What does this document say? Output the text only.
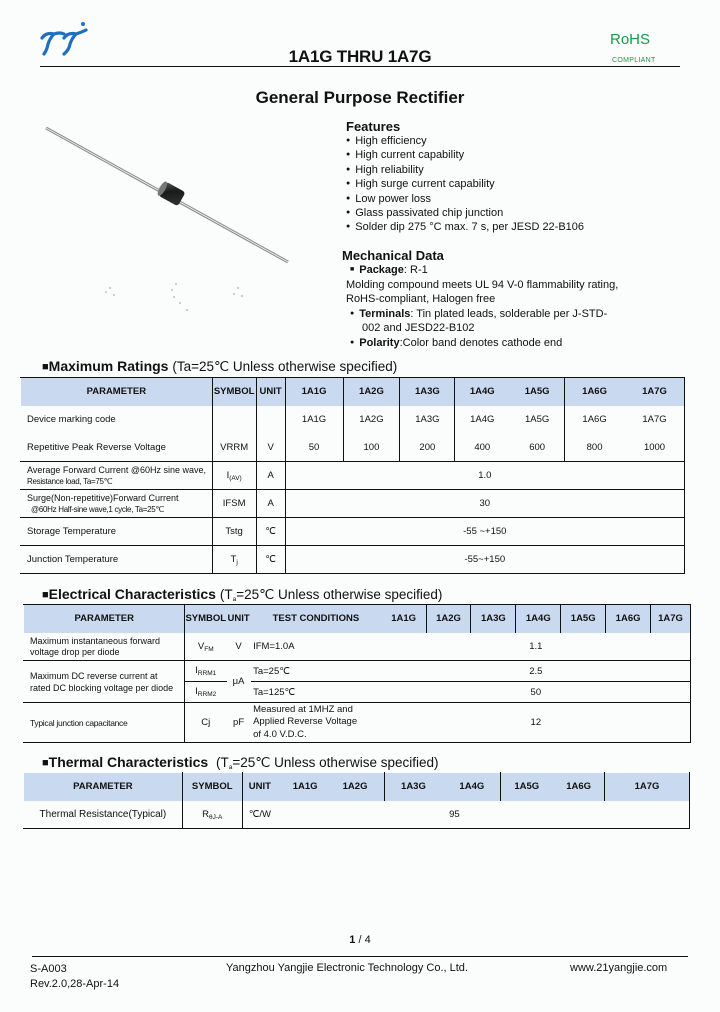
1A1G THRU 1A7G
RoHS
COMPLIANT
General Purpose Rectifier
Features
● High efficiency
● High current capability
● High reliability
● High surge current capability
● Low power loss
● Glass passivated chip junction
● Solder dip 275 °C max. 7 s, per JESD 22-B106
Mechanical Data
■ Package: R-1
Molding compound meets UL 94 V-0 flammability rating,
RoHS-compliant, Halogen free
● Terminals: Tin plated leads, solderable per J-STD-
002 and JESD22-B102
● Polarity:Color band denotes cathode end
■Maximum Ratings (Ta=25℃ Unless otherwise specified)
PARAMETER	SYMBOL	UNIT	1A1G	1A2G	1A3G	1A4G	1A5G	1A6G	1A7G
Device marking code			1A1G	1A2G	1A3G	1A4G	1A5G	1A6G	1A7G
Repetitive Peak Reverse Voltage	VRRM	V	50	100	200	400	600	800	1000

Average Forward Current @60Hz sine wave,
Resistance load, Ta=75℃	$I_{(AV)}$	A	1.0						

Surge(Non-repetitive)Forward Current
@60Hz Half-sine wave,1 cycle, Ta=25℃	IFSM	A	30						
Storage Temperature	Tstg	℃	-55 ~+150						
Junction Temperature	$T_j$	℃	-55~+150						
■Electrical Characteristics ($T_a=25℃$ Unless otherwise specified)
PARAMETER	SYMBOL	UNIT	TEST CONDITIONS	1A1G	1A2G	1A3G	1A4G	1A5G	1A6G	1A7G

Maximum instantaneous forward
voltage drop per diode	$V_{FM}$	V	IFM=1.0A	1.1						

Maximum DC reverse current at
rated DC blocking voltage per diode	$I_{RRM1}$	μA	Ta=25℃	2.5						
	$I_{RRM2}$		Ta=125℃	50						
Typical junction capacitance	Cj	pF	Measured at 1MHZ and
Applied Reverse Voltage
of 4.0 V.D.C.	12						
■Thermal Characteristics ($T_a=25℃$ Unless otherwise specified)
PARAMETER	SYMBOL	UNIT	1A1G	1A2G	1A3G	1A4G	1A5G	1A6G	1A7G
Thermal Resistance(Typical)	$R_{\theta J-A}$	℃/W	95						
1 / 4
S-A003
Rev.2.0,28-Apr-14
Yangzhou Yangjie Electronic Technology Co., Ltd.	www.21yangjie.com
